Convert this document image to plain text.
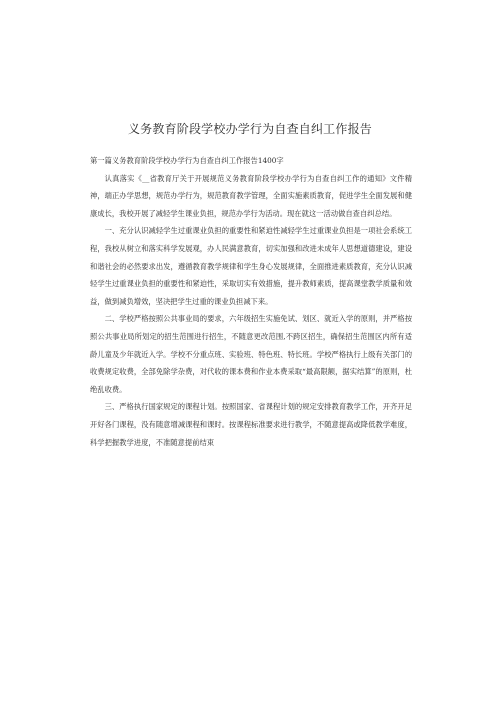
义务教育阶段学校办学行为自查自纠工作报告

第一篇义务教育阶段学校办学行为自查自纠工作报告1400字

认真落实《__省教育厅关于开展规范义务教育阶段学校办学行为自查自纠工作的通知》文件精神，端正办学思想，规范办学行为，规范教育教学管理，全面实施素质教育，促进学生全面发展和健康成长，我校开展了减轻学生课业负担，规范办学行为活动。现在就这一活动做自查自纠总结。

一、充分认识减轻学生过重课业负担的重要性和紧迫性减轻学生过重课业负担是一项社会系统工程，我校从树立和落实科学发展观，办人民满意教育，切实加强和改进未成年人思想道德建设，建设和谐社会的必然要求出发，遵循教育教学规律和学生身心发展规律，全面推进素质教育，充分认识减轻学生过重课业负担的重要性和紧迫性，采取切实有效措施，提升教师素质，提高课堂教学质量和效益，做到减负增效，坚决把学生过重的课业负担减下来。

二、学校严格按照公共事业局的要求，六年级招生实施免试、划区、就近入学的原则，并严格按照公共事业局所划定的招生范围进行招生，不随意更改范围,不跨区招生，确保招生范围区内所有适龄儿童及少年就近入学。学校不分重点班、实验班、特色班、特长班。学校严格执行上级有关部门的收费规定收费，全部免除学杂费，对代收的课本费和作业本费采取“最高限额，据实结算”的原则，杜绝乱收费。

三、严格执行国家规定的课程计划。按照国家、省课程计划的规定安排教育教学工作，开齐开足开好各门课程，没有随意增减课程和课时。按课程标准要求进行教学，不随意提高或降低教学难度，科学把握教学进度，不准随意提前结束
